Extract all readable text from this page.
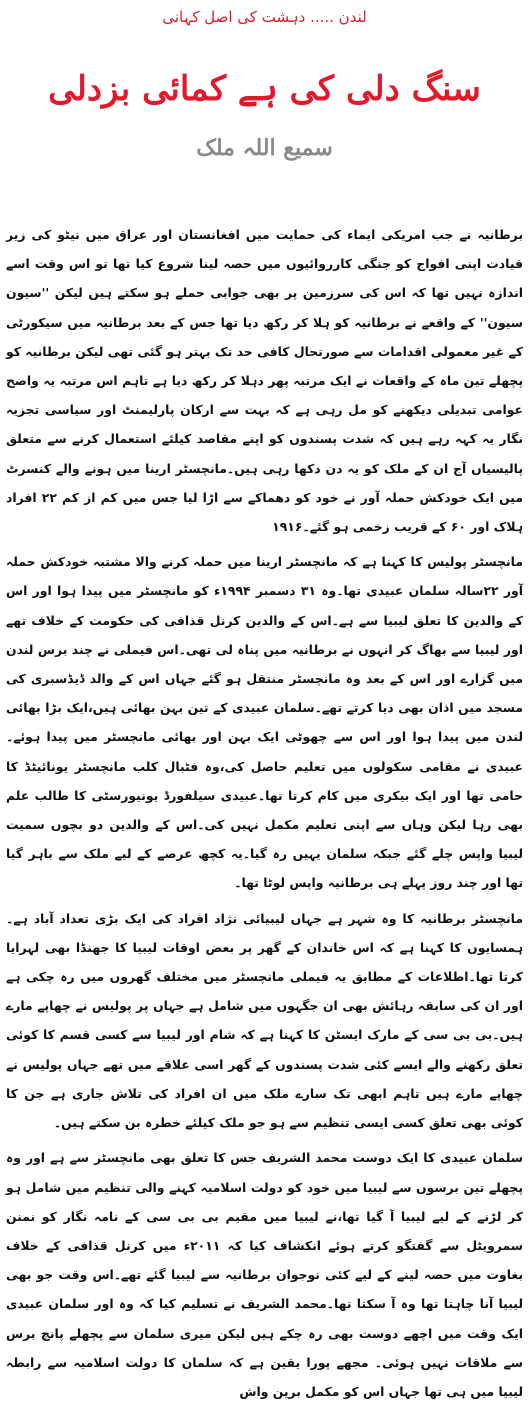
لندن ..... دہشت کی اصل کہانی
سنگ دلی کی ہے کمائی بزدلی
سمیع اللہ ملک

برطانیہ نے جب امریکی ایماء کی حمایت میں افغانستان اور عراق میں نیٹو کی زیر قیادت اپنی افواج کو جنگی کارروائیوں میں حصہ لینا شروع کیا تھا تو اس وقت اسے اندازہ نہیں تھا کہ اس کی سرزمین پر بھی جوابی حملے ہو سکتے ہیں لیکن ''سیون سیون'' کے واقعے نے برطانیہ کو ہلا کر رکھ دیا تھا جس کے بعد برطانیہ میں سیکورٹی کے غیر معمولی اقدامات سے صورتحال کافی حد تک بہتر ہو گئی تھی لیکن برطانیہ کو پچھلے تین ماہ کے واقعات نے ایک مرتبہ پھر دہلا کر رکھ دیا ہے تاہم اس مرتبہ یہ واضح عوامی تبدیلی دیکھنے کو مل رہی ہے کہ بہت سے ارکان پارلیمنٹ اور سیاسی تجزیہ نگار یہ کہہ رہے ہیں کہ شدت پسندوں کو اپنے مقاصد کیلئے استعمال کرنے سے متعلق پالیسیاں آج ان کے ملک کو یہ دن دکھا رہی ہیں۔مانچسٹر ارینا میں ہونے والے کنسرٹ میں ایک خودکش حملہ آور نے خود کو دھماکے سے اڑا لیا جس میں کم از کم ۲۲ افراد ہلاک اور ۶۰ کے قریب زخمی ہو گئے۔۱۹۱۶

مانچسٹر پولیس کا کہنا ہے کہ مانچسٹر ارینا میں حملہ کرنے والا مشتبہ خودکش حملہ آور ۲۲سالہ سلمان عبیدی تھا۔وہ ۳۱ دسمبر ۱۹۹۴ء کو مانچسٹر میں پیدا ہوا اور اس کے والدین کا تعلق لیبیا سے ہے۔اس کے والدین کرنل قذافی کی حکومت کے خلاف تھے اور لیبیا سے بھاگ کر انہوں نے برطانیہ میں پناہ لی تھی۔اس فیملی نے چند برس لندن میں گزارے اور اس کے بعد وہ مانچسٹر منتقل ہو گئے جہاں اس کے والد ڈیڈسبری کی مسجد میں اذان بھی دیا کرتے تھے۔سلمان عبیدی کے تین بہن بھائی ہیں،ایک بڑا بھائی لندن میں پیدا ہوا اور اس سے چھوٹی ایک بہن اور بھائی مانچسٹر میں پیدا ہوئے۔عبیدی نے مقامی سکولوں میں تعلیم حاصل کی،وہ فٹبال کلب مانچسٹر یونائیٹڈ کا حامی تھا اور ایک بیکری میں کام کرتا تھا۔عبیدی سیلفورڈ یونیورسٹی کا طالب علم بھی رہا لیکن وہاں سے اپنی تعلیم مکمل نہیں کی۔اس کے والدین دو بچوں سمیت لیبیا واپس چلے گئے جبکہ سلمان یہیں رہ گیا۔یہ کچھ عرصے کے لیے ملک سے باہر گیا تھا اور چند روز پہلے ہی برطانیہ واپس لوٹا تھا۔

مانچسٹر برطانیہ کا وہ شہر ہے جہاں لیبیائی نژاد افراد کی ایک بڑی تعداد آباد ہے۔ہمسایوں کا کہنا ہے کہ اس خاندان کے گھر پر بعض اوقات لیبیا کا جھنڈا بھی لہرایا کرتا تھا۔اطلاعات کے مطابق یہ فیملی مانچسٹر میں مختلف گھروں میں رہ چکی ہے اور ان کی سابقہ رہائش بھی ان جگہوں میں شامل ہے جہاں پر پولیس نے چھاپے مارے ہیں۔بی بی سی کے مارک ایسٹن کا کہنا ہے کہ شام اور لیبیا سے کسی قسم کا کوئی تعلق رکھنے والے ایسے کئی شدت پسندوں کے گھر اسی علاقے میں تھے جہاں پولیس نے چھاپے مارے ہیں تاہم ابھی تک سارے ملک میں ان افراد کی تلاش جاری ہے جن کا کوئی بھی تعلق کسی ایسی تنظیم سے ہو جو ملک کیلئے خطرہ بن سکتے ہیں۔

سلمان عبیدی کا ایک دوست محمد الشریف جس کا تعلق بھی مانچسٹر سے ہے اور وہ پچھلے تین برسوں سے لیبیا میں خود کو دولت اسلامیہ کہنے والی تنظیم میں شامل ہو کر لڑنے کے لیے لیبیا آ گیا تھا،نے لیبیا میں مقیم بی بی سی کے نامہ نگار کو نمنن سمرویٹل سے گفتگو کرتے ہوئے انکشاف کیا کہ ۲۰۱۱ء میں کرنل قذافی کے خلاف بغاوت میں حصہ لینے کے لیے کئی نوجوان برطانیہ سے لیبیا گئے تھے۔اس وقت جو بھی لیبیا آنا چاہتا تھا وہ آ سکتا تھا۔محمد الشریف نے تسلیم کیا کہ وہ اور سلمان عبیدی ایک وقت میں اچھے دوست بھی رہ چکے ہیں لیکن میری سلمان سے پچھلے پانچ برس سے ملاقات نہیں ہوئی۔ مجھے پورا یقین ہے کہ سلمان کا دولت اسلامیہ سے رابطہ لیبیا میں ہی تھا جہاں اس کو مکمل برین واش
